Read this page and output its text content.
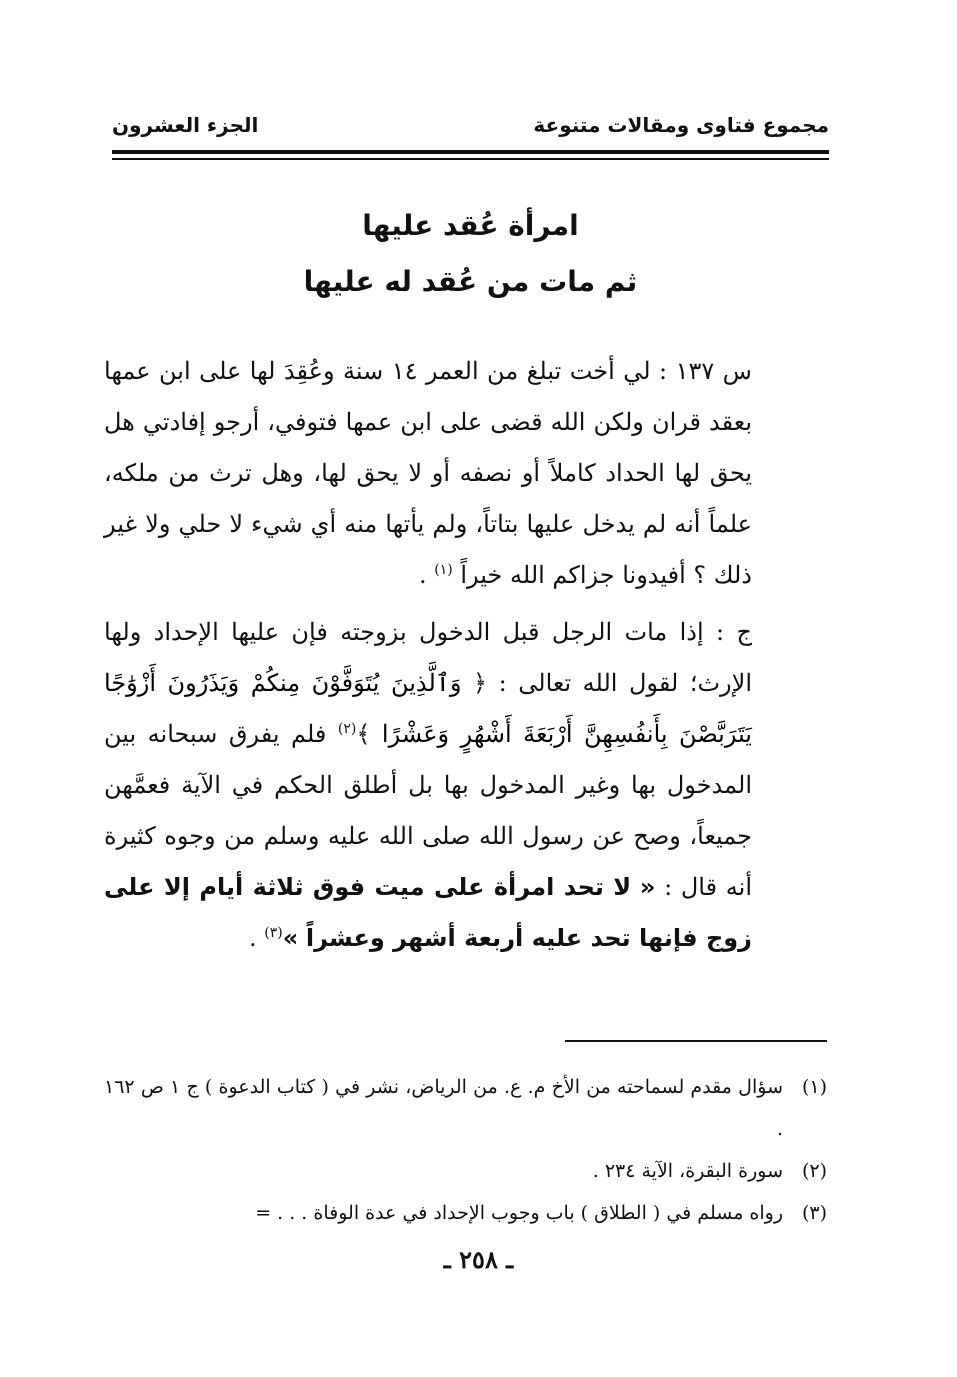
مجموع فتاوى ومقالات متنوعة
الجزء العشرون
امرأة عُقد عليها
ثم مات من عُقد له عليها

س ١٣٧ : لي أخت تبلغ من العمر ١٤ سنة وعُقِدَ لها على ابن عمها بعقد قران ولكن الله قضى على ابن عمها فتوفي، أرجو إفادتي هل يحق لها الحداد كاملاً أو نصفه أو لا يحق لها، وهل ترث من ملكه، علماً أنه لم يدخل عليها بتاتاً، ولم يأتها منه أي شيء لا حلي ولا غير ذلك ؟ أفيدونا جزاكم الله خيراً $^{(١)}$ .

ج : إذا مات الرجل قبل الدخول بزوجته فإن عليها الإحداد ولها الإرث؛ لقول الله تعالى : ﴿ وَٱلَّذِينَ يُتَوَفَّوْنَ مِنكُمْ وَيَذَرُونَ أَزْوَٰجًا يَتَرَبَّصْنَ بِأَنفُسِهِنَّ أَرْبَعَةَ أَشْهُرٍ وَعَشْرًا ﴾$^{(٢)}$ فلم يفرق سبحانه بين المدخول بها وغير المدخول بها بل أطلق الحكم في الآية فعمَّهن جميعاً، وصح عن رسول الله صلى الله عليه وسلم من وجوه كثيرة أنه قال : « لا تحد امرأة على ميت فوق ثلاثة أيام إلا على زوج فإنها تحد عليه أربعة أشهر وعشراً »$^{(٣)}$ .

(١)
سؤال مقدم لسماحته من الأخ م. ع. من الرياض، نشر في ( كتاب الدعوة ) ج ١ ص ١٦٢ .
(٢)
سورة البقرة، الآية ٢٣٤ .
(٣)
رواه مسلم في ( الطلاق ) باب وجوب الإحداد في عدة الوفاة . . . =
ـ ٢٥٨ ـ
